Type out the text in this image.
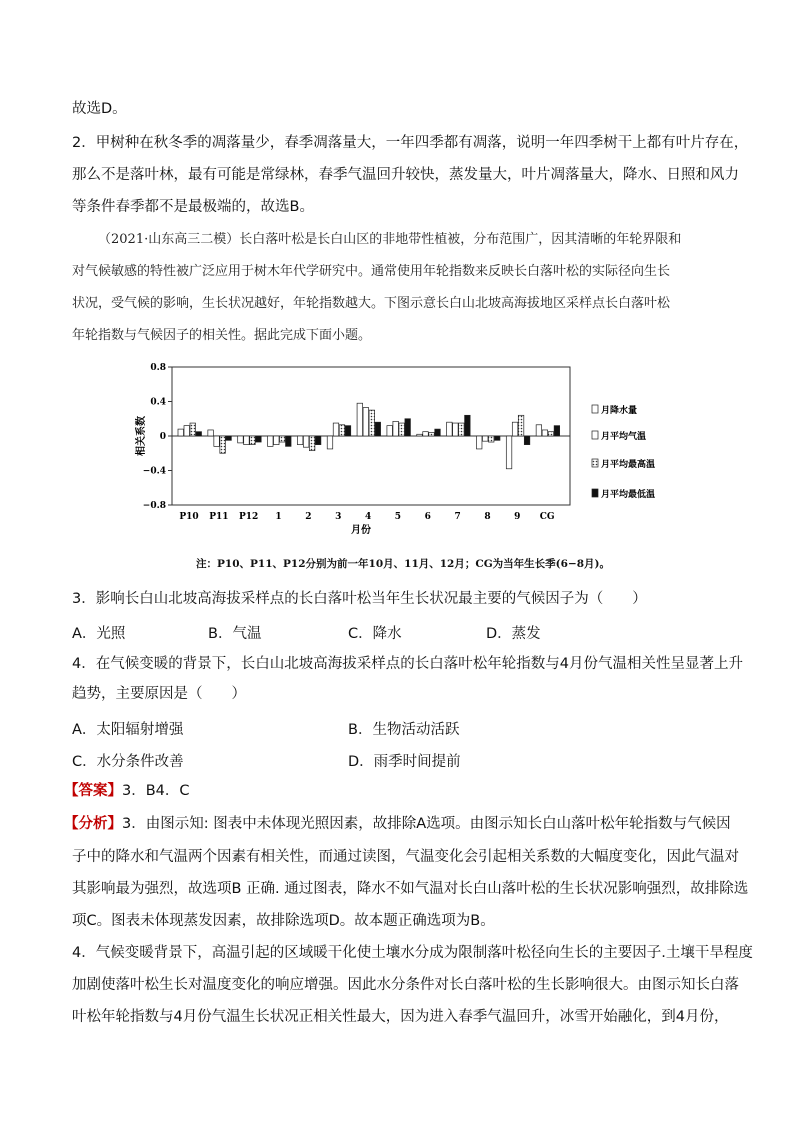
故选D。
2．甲树种在秋冬季的凋落量少，春季凋落量大，一年四季都有凋落，说明一年四季树干上都有叶片存在，
那么不是落叶林，最有可能是常绿林，春季气温回升较快，蒸发量大，叶片凋落量大，降水、日照和风力
等条件春季都不是最极端的，故选B。
（2021·山东高三二模）长白落叶松是长白山区的非地带性植被，分布范围广，因其清晰的年轮界限和
对气候敏感的特性被广泛应用于树木年代学研究中。通常使用年轮指数来反映长白落叶松的实际径向生长
状况，受气候的影响，生长状况越好，年轮指数越大。下图示意长白山北坡高海拔地区采样点长白落叶松
年轮指数与气候因子的相关性。据此完成下面小题。
0.8
0.4
0
−0.4
−0.8
相关系数
P10 P11 P12 1	2	3	4	5	6	7	8	9 CG
月份
月降水量
月平均气温
月平均最高温
月平均最低温
注：P10、P11、P12分别为前一年10月、11月、12月；CG为当年生长季(6−8月)。
3．影响长白山北坡高海拔采样点的长白落叶松当年生长状况最主要的气候因子为（　　）
A．光照	B．气温	C．降水	D．蒸发
4．在气候变暖的背景下，长白山北坡高海拔采样点的长白落叶松年轮指数与4月份气温相关性呈显著上升
趋势，主要原因是（　　）
A．太阳辐射增强	B．生物活动活跃
C．水分条件改善	D．雨季时间提前
【答案】3．B4．C
【分析】3．由图示知: 图表中未体现光照因素，故排除A选项。由图示知长白山落叶松年轮指数与气候因
子中的降水和气温两个因素有相关性，而通过读图，气温变化会引起相关系数的大幅度变化，因此气温对
其影响最为强烈，故选项B 正确. 通过图表，降水不如气温对长白山落叶松的生长状况影响强烈，故排除选
项C。图表未体现蒸发因素，故排除选项D。故本题正确选项为B。
4．气候变暖背景下，高温引起的区域暖干化使土壤水分成为限制落叶松径向生长的主要因子.土壤干旱程度
加剧使落叶松生长对温度变化的响应增强。因此水分条件对长白落叶松的生长影响很大。由图示知长白落
叶松年轮指数与4月份气温生长状况正相关性最大，因为进入春季气温回升，冰雪开始融化，到4月份，
